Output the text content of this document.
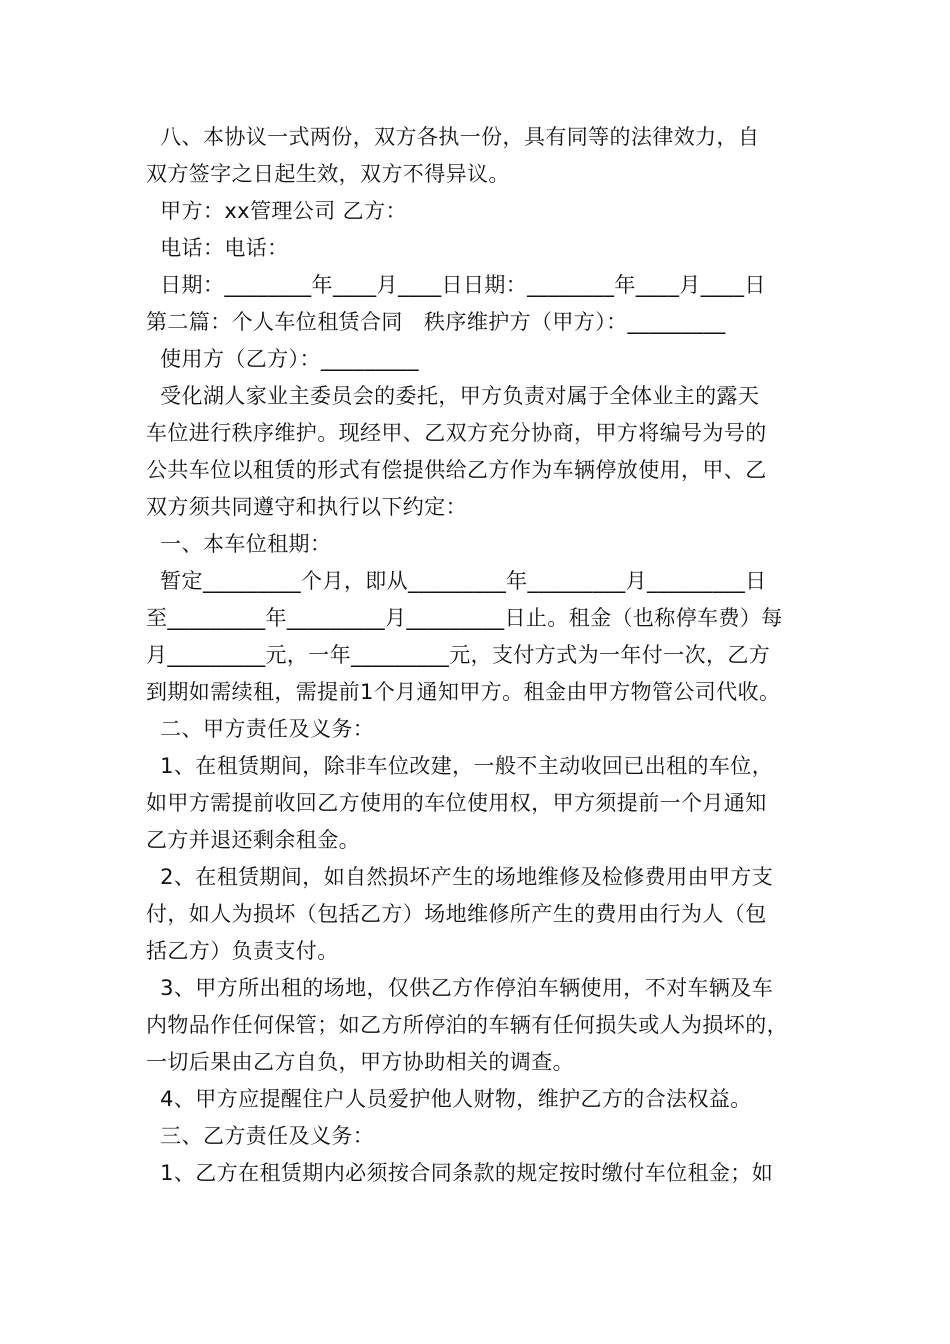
八、本协议一式两份，双方各执一份，具有同等的法律效力，自
双方签字之日起生效，双方不得异议。
甲方：xx管理公司 乙方：
电话：电话：
日期：________年____月____日日期：________年____月____日
第二篇：个人车位租赁合同   秩序维护方（甲方）：_________
使用方（乙方）：_________
受化湖人家业主委员会的委托，甲方负责对属于全体业主的露天
车位进行秩序维护。现经甲、乙双方充分协商，甲方将编号为号的
公共车位以租赁的形式有偿提供给乙方作为车辆停放使用，甲、乙
双方须共同遵守和执行以下约定：
一、本车位租期：
暂定_________个月，即从_________年_________月_________日
至_________年_________月_________日止。租金（也称停车费）每
月_________元，一年_________元，支付方式为一年付一次，乙方
到期如需续租，需提前1个月通知甲方。租金由甲方物管公司代收。
二、甲方责任及义务：
1、在租赁期间，除非车位改建，一般不主动收回已出租的车位，
如甲方需提前收回乙方使用的车位使用权，甲方须提前一个月通知
乙方并退还剩余租金。
2、在租赁期间，如自然损坏产生的场地维修及检修费用由甲方支
付，如人为损坏（包括乙方）场地维修所产生的费用由行为人（包
括乙方）负责支付。
3、甲方所出租的场地，仅供乙方作停泊车辆使用，不对车辆及车
内物品作任何保管；如乙方所停泊的车辆有任何损失或人为损坏的，
一切后果由乙方自负，甲方协助相关的调查。
4、甲方应提醒住户人员爱护他人财物，维护乙方的合法权益。
三、乙方责任及义务：
1、乙方在租赁期内必须按合同条款的规定按时缴付车位租金；如
